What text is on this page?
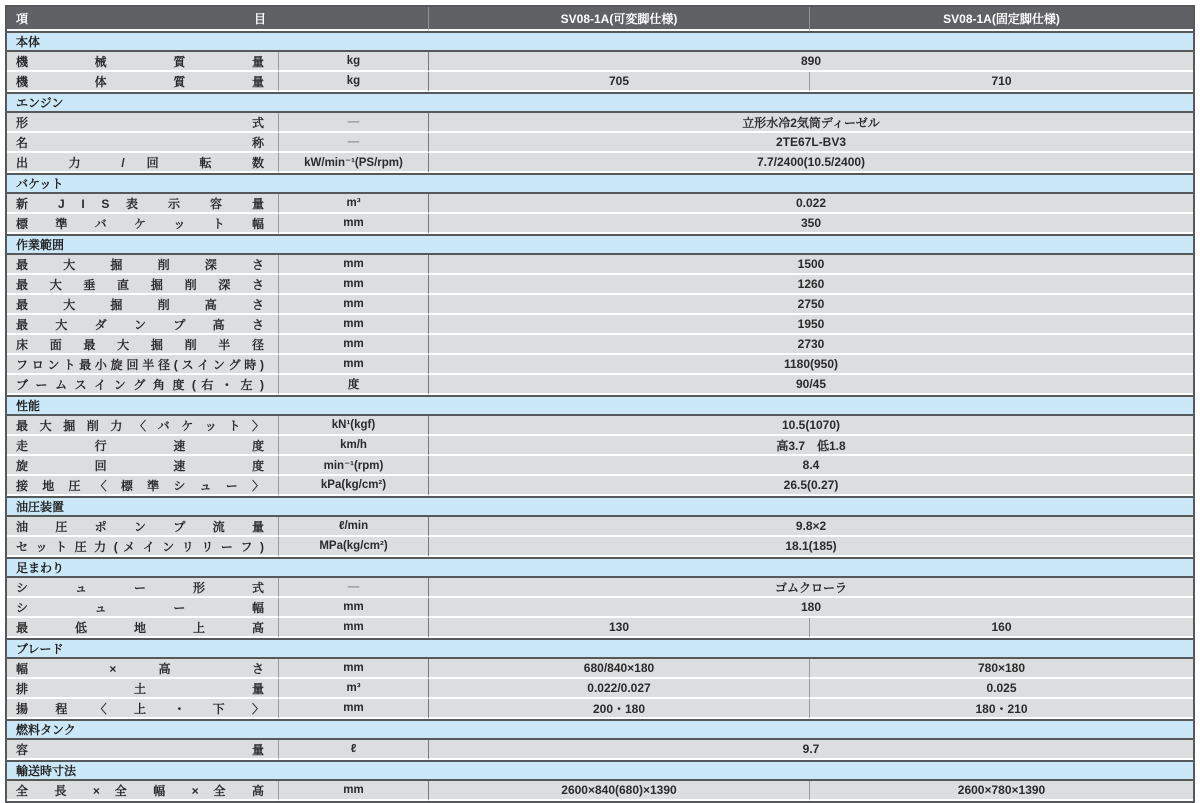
項 目		SV08-1A(可変脚仕様)	SV08-1A(固定脚仕様)
本体			
機 械 質 量	kg	890	
機 体 質 量	kg	705	710
エンジン			
形 式	—	立形水冷2気筒ディーゼル	
名 称	—	2TE67L-BV3	
出 力 / 回 転 数	kW/min⁻¹(PS/rpm)	7.7/2400(10.5/2400)	
バケット			
新 J I S 表 示 容 量	m³	0.022	
標 準 バ ケ ッ ト 幅	mm	350	
作業範囲			
最 大 掘 削 深 さ	mm	1500	
最 大 垂 直 掘 削 深 さ	mm	1260	
最 大 掘 削 高 さ	mm	2750	
最 大 ダ ン プ 高 さ	mm	1950	
床 面 最 大 掘 削 半 径	mm	2730	
フロント最小旋回半径(スイング時)	mm	1180(950)	
ブ ー ム ス イ ン グ 角 度 ( 右 ・ 左 )	度	90/45	
性能			
最 大 掘 削 力 〈 バ ケ ッ ト 〉	kN¹(kgf)	10.5(1070)	
走 行 速 度	km/h	高3.7　低1.8	
旋 回 速 度	min⁻¹(rpm)	8.4	
接 地 圧 〈 標 準 シ ュ ー 〉	kPa(kg/cm²)	26.5(0.27)	
油圧装置			
油 圧 ポ ン プ 流 量	ℓ/min	9.8×2	
セ ッ ト 圧 力 ( メ イ ン リ リ ー フ )	MPa(kg/cm²)	18.1(185)	
足まわり			
シ ュ ー 形 式	—	ゴムクローラ	
シ ュ ー 幅	mm	180	
最 低 地 上 高	mm	130	160
ブレード			
幅 × 高 さ	mm	680/840×180	780×180
排 土 量	m³	0.022/0.027	0.025
揚 程 〈 上 ・ 下 〉	mm	200・180	180・210
燃料タンク			
容 量	ℓ	9.7	
輸送時寸法			
全 長 × 全 幅 × 全 高	mm	2600×840(680)×1390	2600×780×1390
